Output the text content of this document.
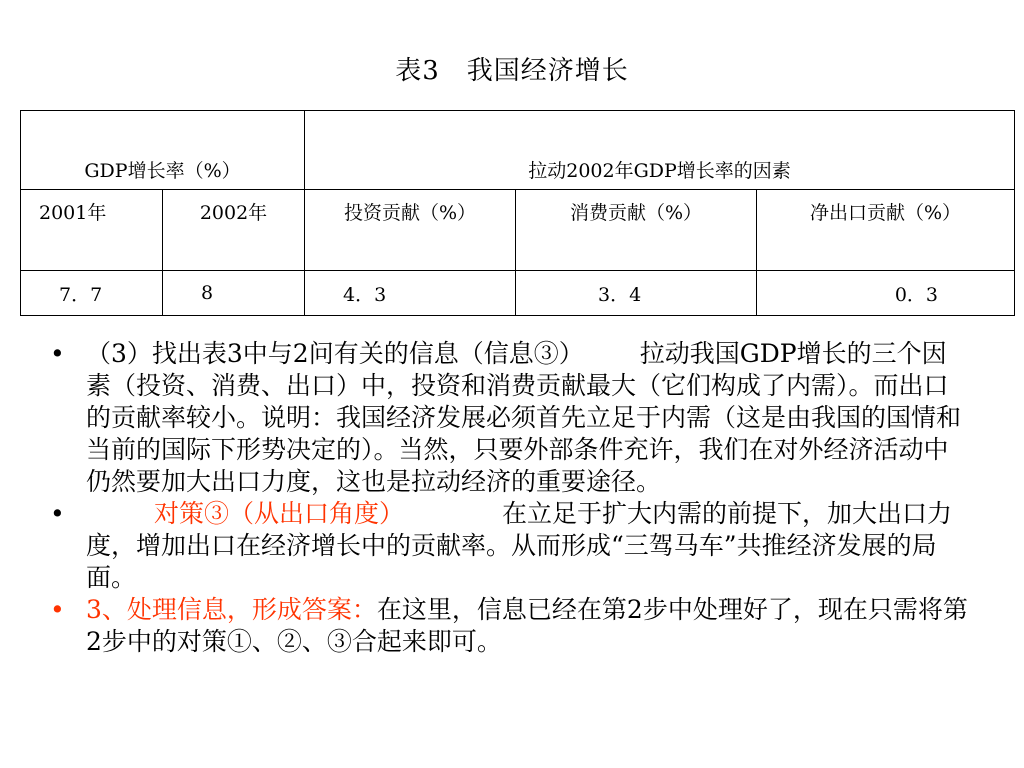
表3　我国经济增长
GDP增长率（%）		拉动2002年GDP增长率的因素		
2001年	2002年	投资贡献（%）	消费贡献（%）	净出口贡献（%）
7．7	8	4．3	3．4	0．3
• （3）找出表3中与2问有关的信息（信息③） 拉动我国GDP增长的三个因素（投资、消费、出口）中，投资和消费贡献最大（它们构成了内需）。而出口的贡献率较小。说明：我国经济发展必须首先立足于内需（这是由我国的国情和当前的国际下形势决定的）。当然，只要外部条件充许，我们在对外经济活动中仍然要加大出口力度，这也是拉动经济的重要途径。
•	对策③（从出口角度）	在立足于扩大内需的前提下，加大出口力度，增加出口在经济增长中的贡献率。从而形成“三驾马车”共推经济发展的局面。
• 3、处理信息，形成答案：在这里，信息已经在第2步中处理好了，现在只需将第2步中的对策①、②、③合起来即可。
